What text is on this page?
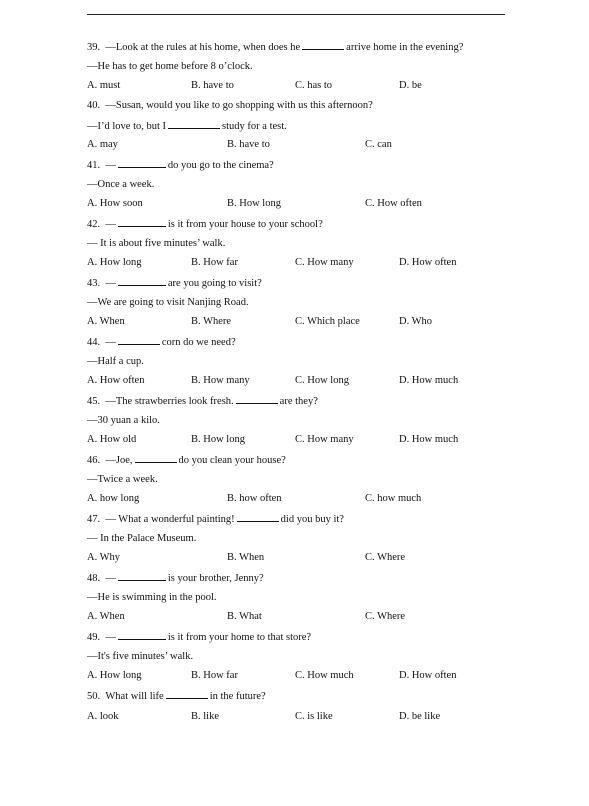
39. —Look at the rules at his home, when does he	arrive home in the evening?
—He has to get home before 8 o’clock.
A. must	B. have to	C. has to	D. be
40. —Susan, would you like to go shopping with us this afternoon?
—I’d love to, but I	study for a test.
A. may	B. have to	C. can
41. —	do you go to the cinema?
—Once a week.
A. How soon	B. How long	C. How often
42. —	is it from your house to your school?
— It is about five minutes’ walk.
A. How long	B. How far	C. How many	D. How often
43. —	are you going to visit?
—We are going to visit Nanjing Road.
A. When	B. Where	C. Which place	D. Who
44. —	corn do we need?
—Half a cup.
A. How often	B. How many	C. How long	D. How much
45. —The strawberries look fresh.	are they?
—30 yuan a kilo.
A. How old	B. How long	C. How many	D. How much
46. —Joe,	do you clean your house?
—Twice a week.
A. how long	B. how often	C. how much
47. — What a wonderful painting!	did you buy it?
— In the Palace Museum.
A. Why	B. When	C. Where
48. —	is your brother, Jenny?
—He is swimming in the pool.
A. When	B. What	C. Where
49. —	is it from your home to that store?
—It's five minutes’ walk.
A. How long	B. How far	C. How much	D. How often
50. What will life	in the future?
A. look	B. like	C. is like	D. be like
